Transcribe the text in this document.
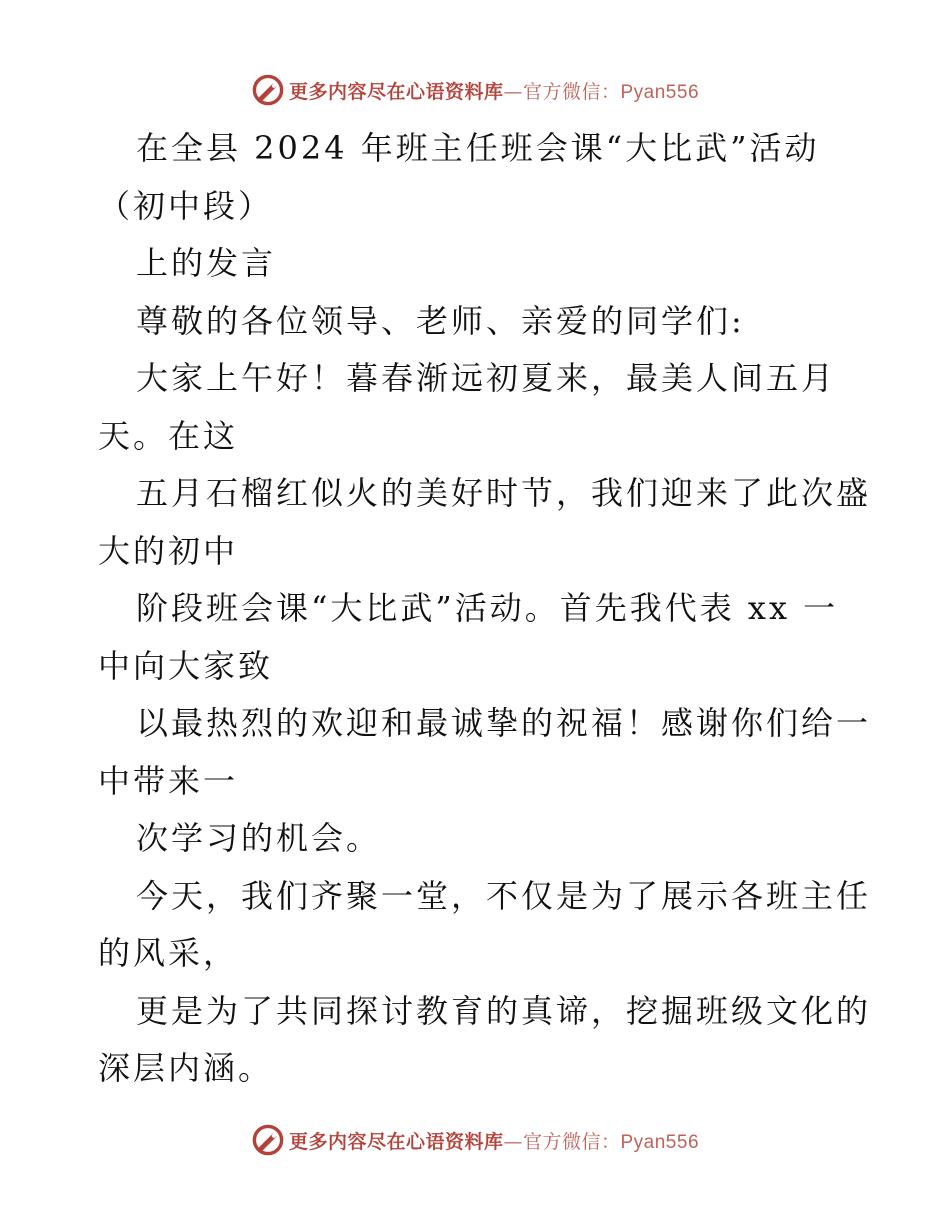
更多内容尽在心语资料库—官方微信：Pyan556
在全县 2024 年班主任班会课“大比武”活动
（初中段）
上的发言
尊敬的各位领导、老师、亲爱的同学们:
大家上午好！暮春渐远初夏来，最美人间五月
天。在这
五月石榴红似火的美好时节，我们迎来了此次盛
大的初中
阶段班会课“大比武”活动。首先我代表 xx 一
中向大家致
以最热烈的欢迎和最诚挚的祝福！感谢你们给一
中带来一
次学习的机会。
今天，我们齐聚一堂，不仅是为了展示各班主任
的风采，
更是为了共同探讨教育的真谛，挖掘班级文化的
深层内涵。
更多内容尽在心语资料库—官方微信：Pyan556
